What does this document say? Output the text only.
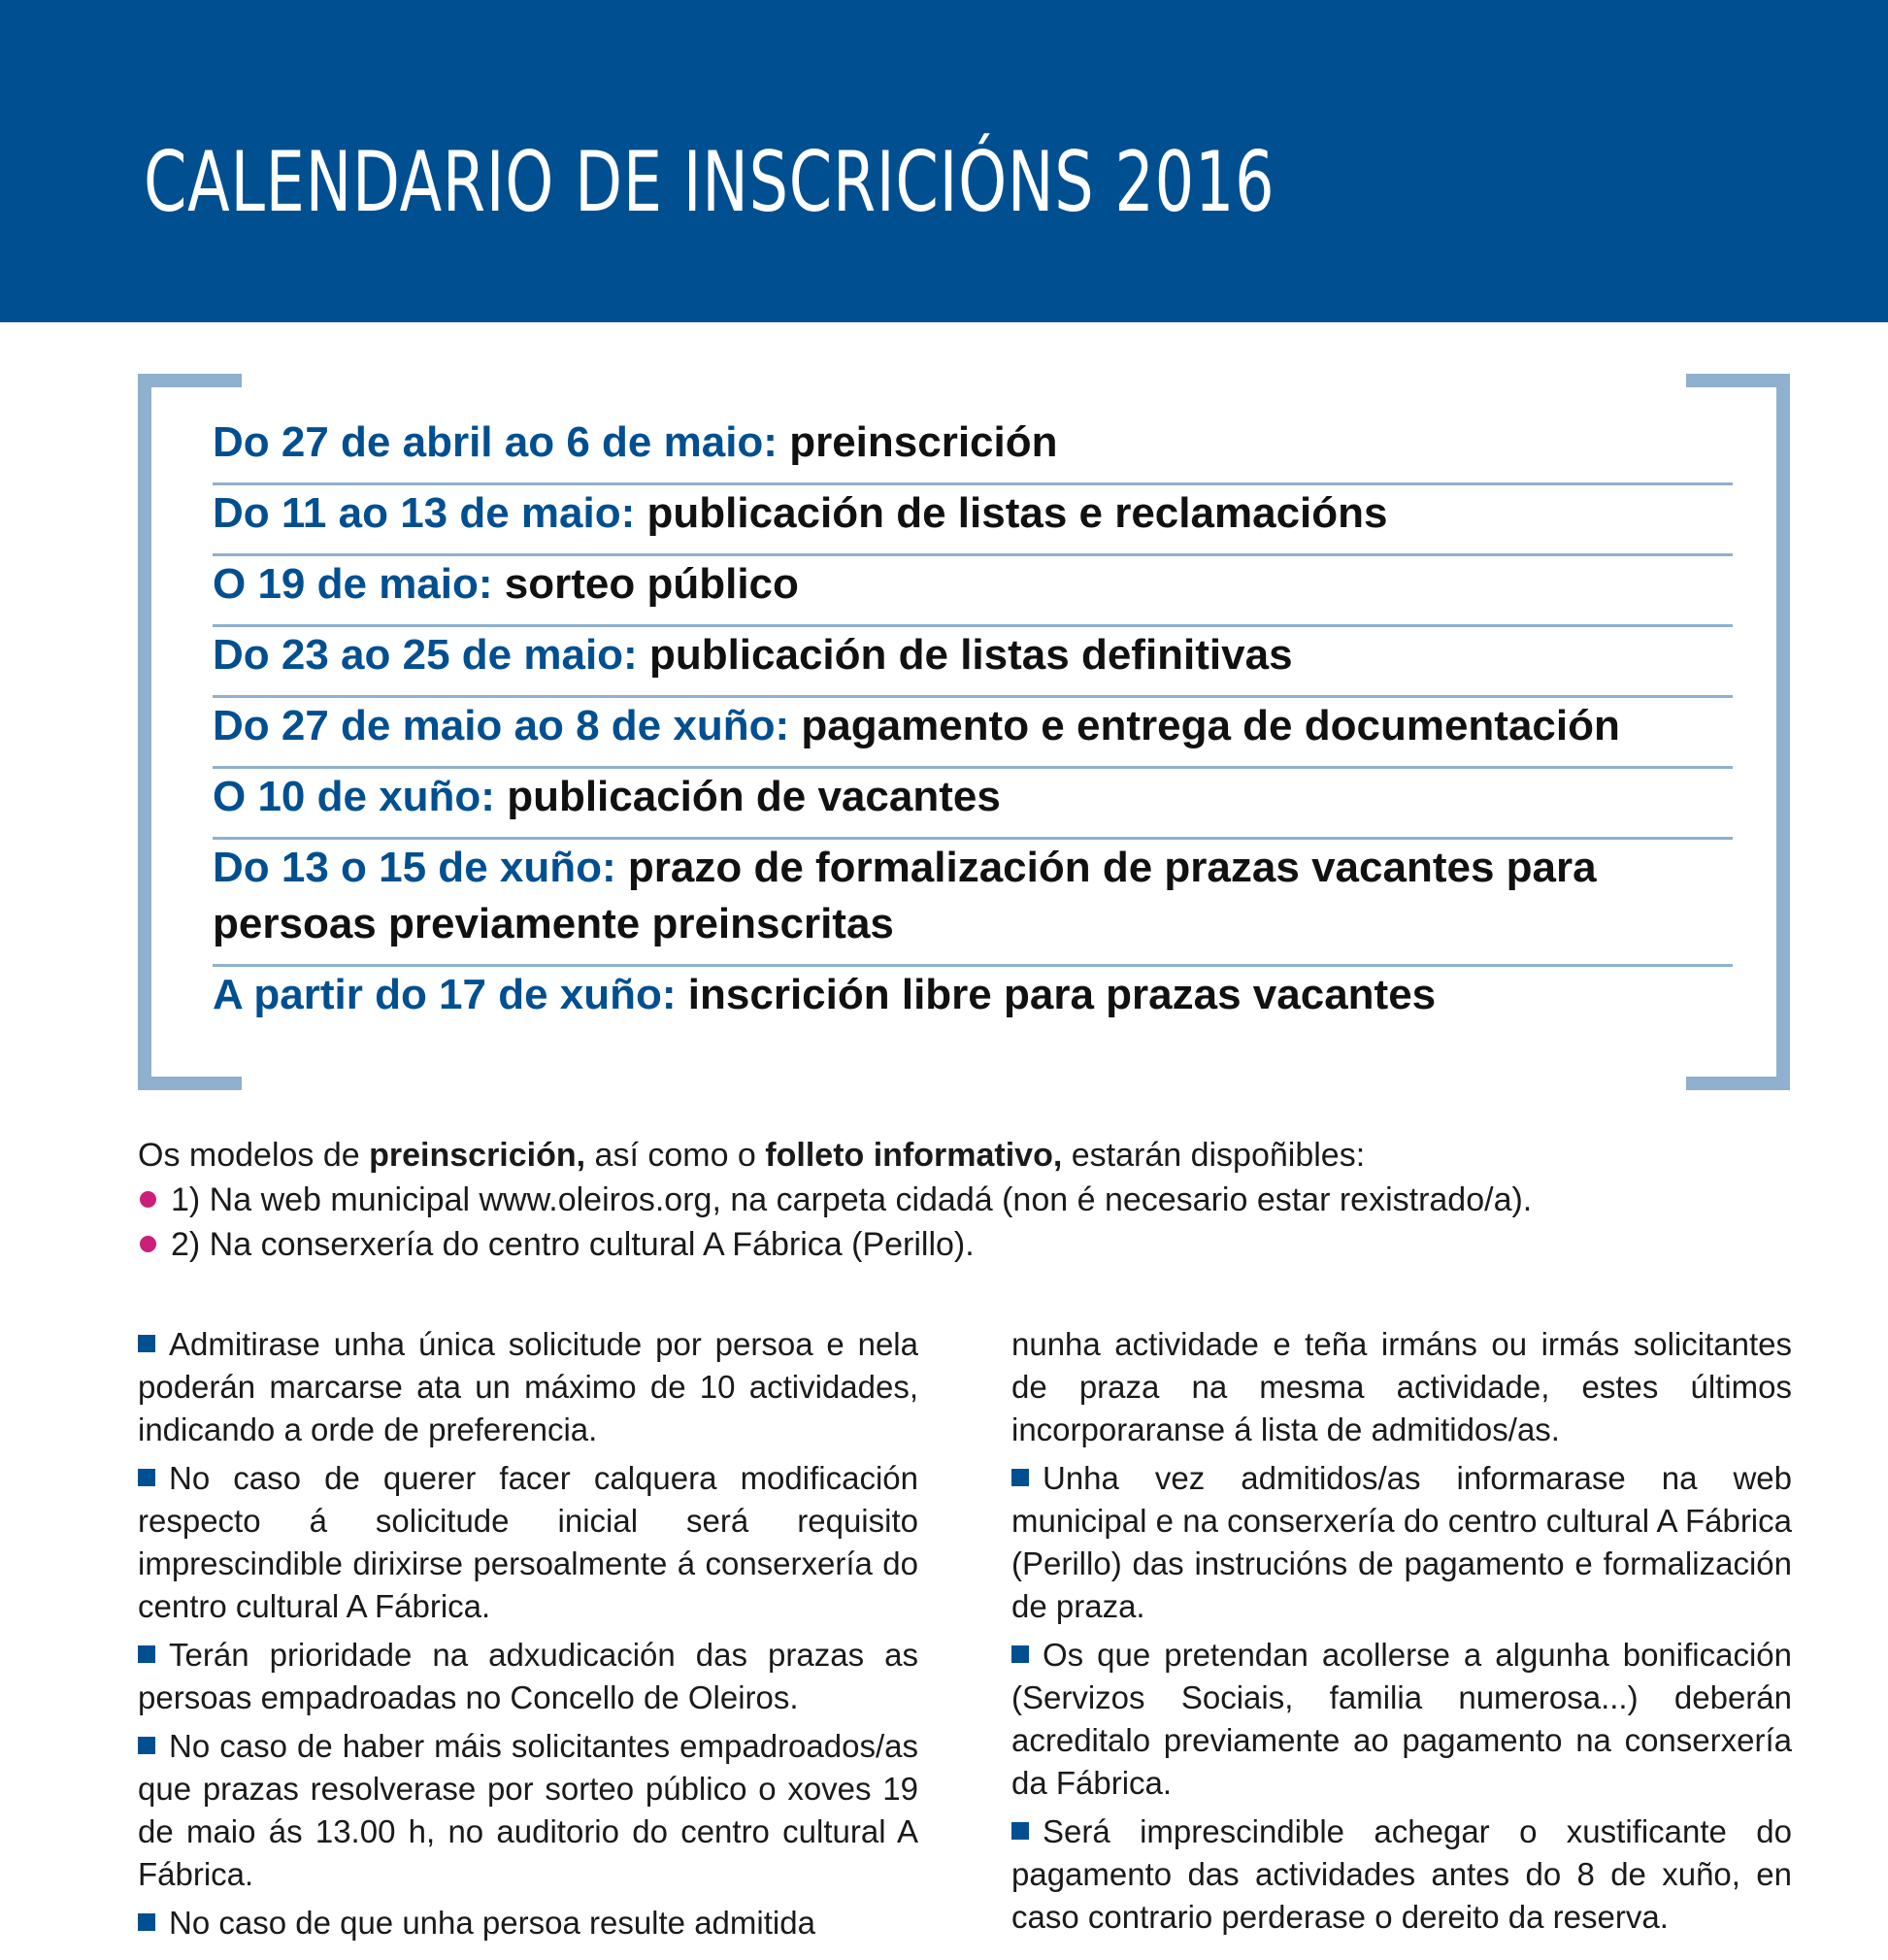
CALENDARIO DE INSCRICIÓNS 2016
Do 27 de abril ao 6 de maio: preinscrición
Do 11 ao 13 de maio: publicación de listas e reclamacións
O 19 de maio: sorteo público
Do 23 ao 25 de maio: publicación de listas definitivas
Do 27 de maio ao 8 de xuño: pagamento e entrega de documentación
O 10 de xuño: publicación de vacantes
Do 13 o 15 de xuño: prazo de formalización de prazas vacantes para persoas previamente preinscritas
A partir do 17 de xuño: inscrición libre para prazas vacantes

Os modelos de preinscrición, así como o folleto informativo, estarán dispoñibles:

1) Na web municipal www.oleiros.org, na carpeta cidadá (non é necesario estar rexistrado/a).

2) Na conserxería do centro cultural A Fábrica (Perillo).

Admitirase unha única solicitude por persoa e nela poderán marcarse ata un máximo de 10 actividades, indicando a orde de preferencia.

No caso de querer facer calquera modificación respecto á solicitude inicial será requisito imprescindible dirixirse persoalmente á conserxería do centro cultural A Fábrica.

Terán prioridade na adxudicación das prazas as persoas empadroadas no Concello de Oleiros.

No caso de haber máis solicitantes empadroados/as que prazas resolverase por sorteo público o xoves 19 de maio ás 13.00 h, no auditorio do centro cultural A Fábrica.

No caso de que unha persoa resulte admitida

nunha actividade e teña irmáns ou irmás solicitantes de praza na mesma actividade, estes últimos incorporaranse á lista de admitidos/as.

Unha vez admitidos/as informarase na web municipal e na conserxería do centro cultural A Fábrica (Perillo) das instrucións de pagamento e formalización de praza.

Os que pretendan acollerse a algunha bonificación (Servizos Sociais, familia numerosa...) deberán acreditalo previamente ao pagamento na conserxería da Fábrica.

Será imprescindible achegar o xustificante do pagamento das actividades antes do 8 de xuño, en caso contrario perderase o dereito da reserva.
